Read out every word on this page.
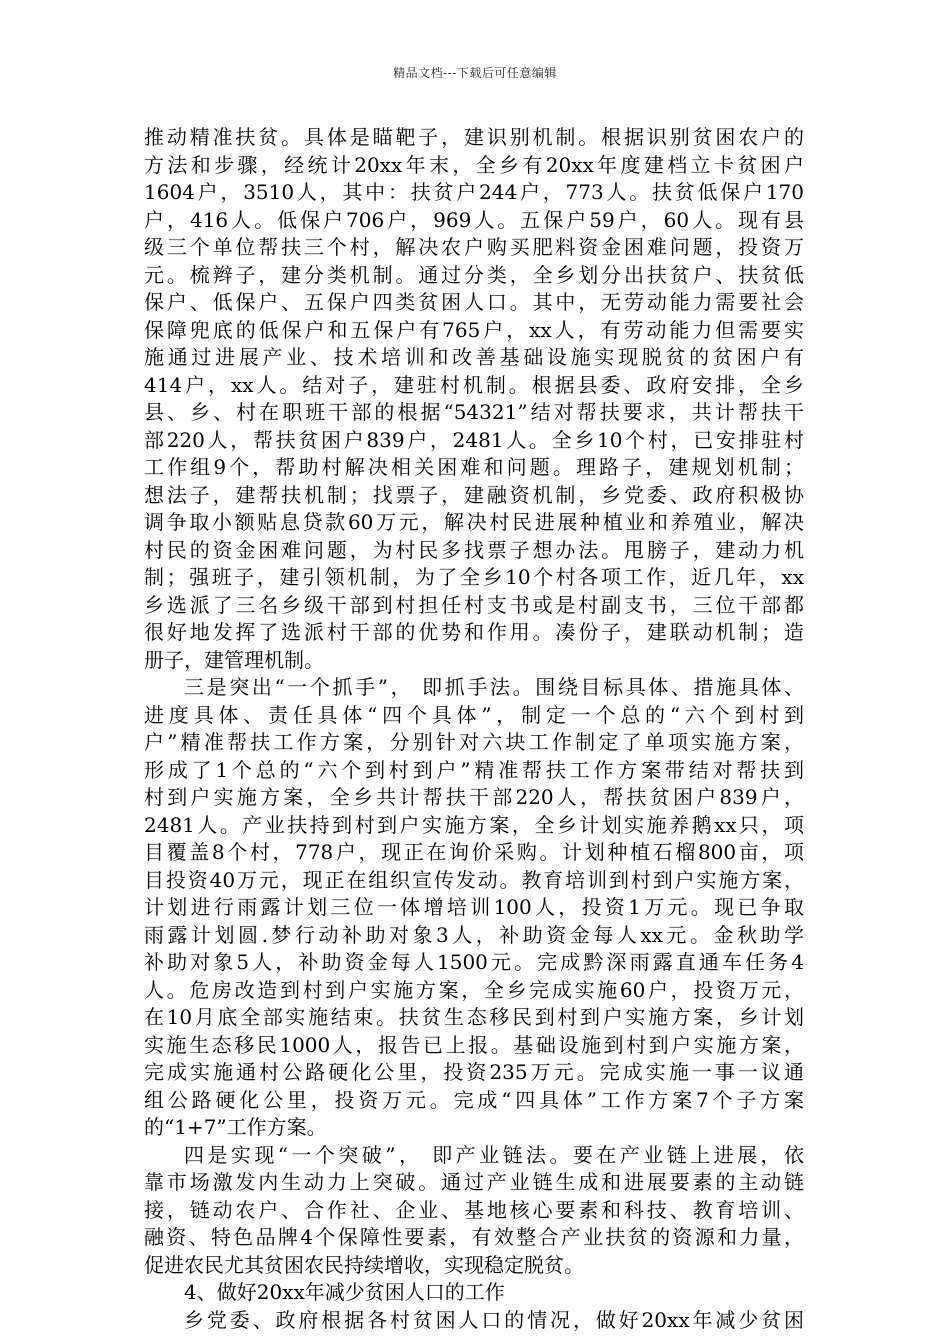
精品文档---下载后可任意编辑
推动精准扶贫。具体是瞄靶子，建识别机制。根据识别贫困农户的
方法和步骤，经统计20xx年末，全乡有20xx年度建档立卡贫困户
1604户，3510人，其中：扶贫户244户，773人。扶贫低保户170
户，416人。低保户706户，969人。五保户59户，60人。现有县
级三个单位帮扶三个村，解决农户购买肥料资金困难问题，投资万
元。梳辫子，建分类机制。通过分类，全乡划分出扶贫户、扶贫低
保户、低保户、五保户四类贫困人口。其中，无劳动能力需要社会
保障兜底的低保户和五保户有765户，xx人，有劳动能力但需要实
施通过进展产业、技术培训和改善基础设施实现脱贫的贫困户有
414户，xx人。结对子，建驻村机制。根据县委、政府安排，全乡
县、乡、村在职班干部的根据“54321”结对帮扶要求，共计帮扶干
部220人，帮扶贫困户839户，2481人。全乡10个村，已安排驻村
工作组9个，帮助村解决相关困难和问题。理路子，建规划机制；
想法子，建帮扶机制；找票子，建融资机制，乡党委、政府积极协
调争取小额贴息贷款60万元，解决村民进展种植业和养殖业，解决
村民的资金困难问题，为村民多找票子想办法。甩膀子，建动力机
制；强班子，建引领机制，为了全乡10个村各项工作，近几年，xx
乡选派了三名乡级干部到村担任村支书或是村副支书，三位干部都
很好地发挥了选派村干部的优势和作用。凑份子，建联动机制；造
册子，建管理机制。
三是突出“一个抓手”， 即抓手法。围绕目标具体、措施具体、
进度具体、责任具体“四个具体”，制定一个总的“六个到村到
户”精准帮扶工作方案，分别针对六块工作制定了单项实施方案，
形成了1个总的“六个到村到户”精准帮扶工作方案带结对帮扶到
村到户实施方案，全乡共计帮扶干部220人，帮扶贫困户839户，
2481人。产业扶持到村到户实施方案，全乡计划实施养鹅xx只，项
目覆盖8个村，778户，现正在询价采购。计划种植石榴800亩，项
目投资40万元，现正在组织宣传发动。教育培训到村到户实施方案，
计划进行雨露计划三位一体增培训100人，投资1万元。现已争取
雨露计划圆.梦行动补助对象3人，补助资金每人xx元。金秋助学
补助对象5人，补助资金每人1500元。完成黔深雨露直通车任务4
人。危房改造到村到户实施方案，全乡完成实施60户，投资万元，
在10月底全部实施结束。扶贫生态移民到村到户实施方案，乡计划
实施生态移民1000人，报告已上报。基础设施到村到户实施方案，
完成实施通村公路硬化公里，投资235万元。完成实施一事一议通
组公路硬化公里，投资万元。完成“四具体”工作方案7个子方案
的“1+7”工作方案。
四是实现“一个突破”， 即产业链法。要在产业链上进展，依
靠市场激发内生动力上突破。通过产业链生成和进展要素的主动链
接，链动农户、合作社、企业、基地核心要素和科技、教育培训、
融资、特色品牌4个保障性要素，有效整合产业扶贫的资源和力量，
促进农民尤其贫困农民持续增收，实现稳定脱贫。
4、做好20xx年减少贫困人口的工作
乡党委、政府根据各村贫困人口的情况，做好20xx年减少贫困
